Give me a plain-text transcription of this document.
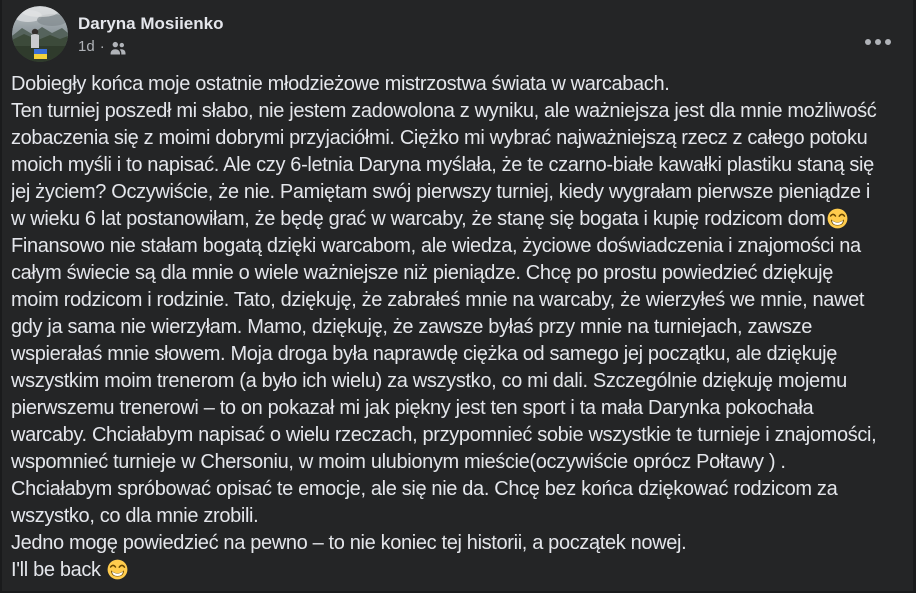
Daryna Mosiienko
1d ·
Dobiegły końca moje ostatnie młodzieżowe mistrzostwa świata w warcabach.
Ten turniej poszedł mi słabo, nie jestem zadowolona z wyniku, ale ważniejsza jest dla mnie możliwość
zobaczenia się z moimi dobrymi przyjaciółmi. Ciężko mi wybrać najważniejszą rzecz z całego potoku
moich myśli i to napisać. Ale czy 6-letnia Daryna myślała, że te czarno-białe kawałki plastiku staną się
jej życiem? Oczywiście, że nie. Pamiętam swój pierwszy turniej, kiedy wygrałam pierwsze pieniądze i
w wieku 6 lat postanowiłam, że będę grać w warcaby, że stanę się bogata i kupię rodzicom dom
Finansowo nie stałam bogatą dzięki warcabom, ale wiedza, życiowe doświadczenia i znajomości na
całym świecie są dla mnie o wiele ważniejsze niż pieniądze. Chcę po prostu powiedzieć dziękuję
moim rodzicom i rodzinie. Tato, dziękuję, że zabrałeś mnie na warcaby, że wierzyłeś we mnie, nawet
gdy ja sama nie wierzyłam. Mamo, dziękuję, że zawsze byłaś przy mnie na turniejach, zawsze
wspierałaś mnie słowem. Moja droga była naprawdę ciężka od samego jej początku, ale dziękuję
wszystkim moim trenerom (a było ich wielu) za wszystko, co mi dali. Szczególnie dziękuję mojemu
pierwszemu trenerowi – to on pokazał mi jak piękny jest ten sport i ta mała Darynka pokochała
warcaby. Chciałabym napisać o wielu rzeczach, przypomnieć sobie wszystkie te turnieje i znajomości,
wspomnieć turnieje w Chersoniu, w moim ulubionym mieście(oczywiście oprócz Połtawy ) .
Chciałabym spróbować opisać te emocje, ale się nie da. Chcę bez końca dziękować rodzicom za
wszystko, co dla mnie zrobili.
Jedno mogę powiedzieć na pewno – to nie koniec tej historii, a początek nowej.
I'll be back
